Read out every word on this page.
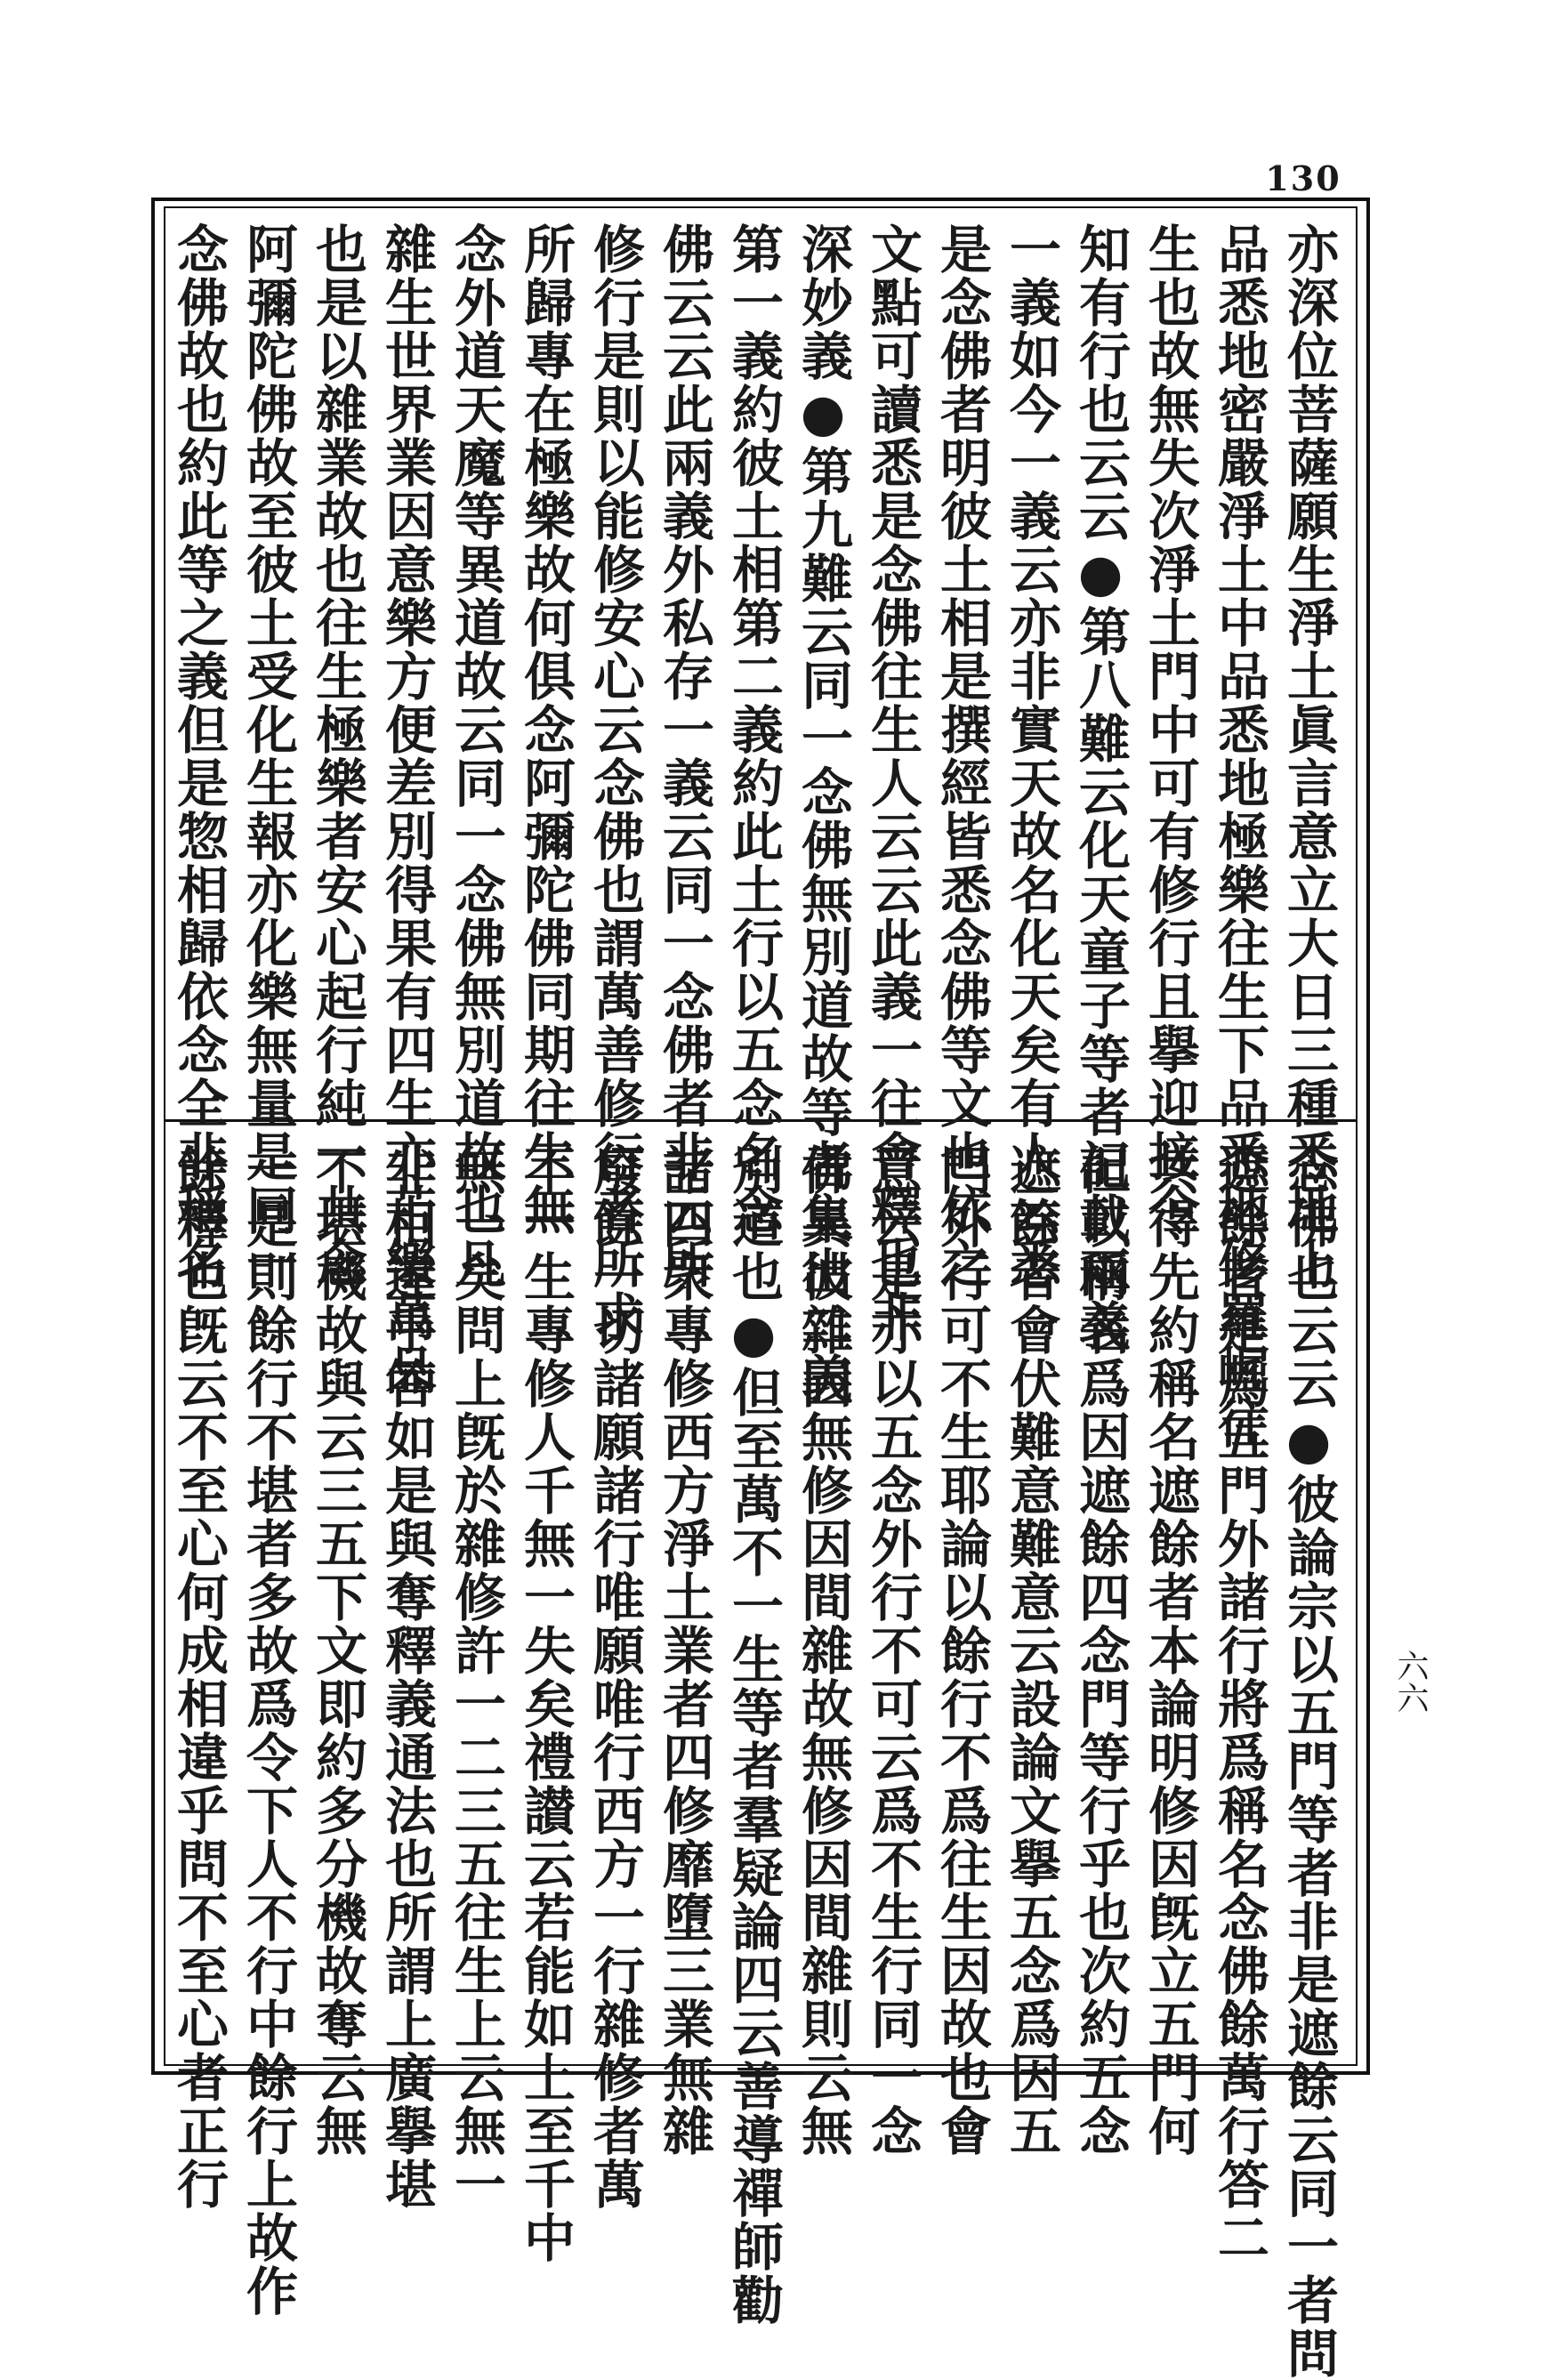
130
亦深位菩薩願生淨土眞言意立大日三種悉地上
品悉地密嚴淨土中品悉地極樂往生下品悉地修羅崛往
生也故無失次淨土門中可有修行且擧迎接令
知有行也云云●第八難云化天童子等者記載兩義
一義如今一義云亦非實天故名化天矣有人云悉
是念佛者明彼土相是撰經皆悉念佛等文也依之
文點可讀悉是念佛往生人云云此義一往會釋也非
深妙義●第九難云同一念佛無別道故等者集出二義
第一義約彼土相第二義約此土行以五念名念
佛云云此兩義外私存一義云同一念佛者非云所
修行是則以能修安心云念佛也謂萬善修行者所求
所歸專在極樂故何俱念阿彌陀佛同期往生無
念外道天魔等異道故云同一念佛無別道故也凡
雜生世界業因意樂方便差別得果有四生亦苦樂萬品
也是以雜業故也往生極樂者安心起行純一共念
阿彌陀佛故至彼土受化生報亦化樂無量是同一
念佛故也約此等之義但是惣相歸依念全非稱名
念佛也云云●彼論宗以五門等者非是遮餘云同一者問
遮餘者是爲五門外諸行將爲稱名念佛餘萬行答二
共得先約稱名遮餘者本論明修因旣立五門何
但以稱名爲因遮餘四念門等行乎也次約五念
遮餘者會伏難意難意云設論文擧五念爲因五
門外行可不生耶論以餘行不爲往生因故也會
意云是亦以五念外行不可云爲不生行同一念
佛異彼雜因無修因間雜故無修因間雜則云無
別道也●但至萬不一生等者羣疑論四云善導禪師勸
諸四衆專修西方淨土業者四修靡墮三業無雜
廢餘一切諸願諸行唯願唯行西方一行雜修者萬
不一生專修人千無一失矣禮讃云若能如上至千中
無一矣問上旣於雜修許一二三五往生上云無一
非相違乎答如是與奪釋義通法也所謂上廣擧堪
不堪機故與云三五下文即約多分機故奪云無
一是則餘行不堪者多故爲令下人不行中餘行上故作
餘釋也旣云不至心何成相違乎問不至心者正行	六六
